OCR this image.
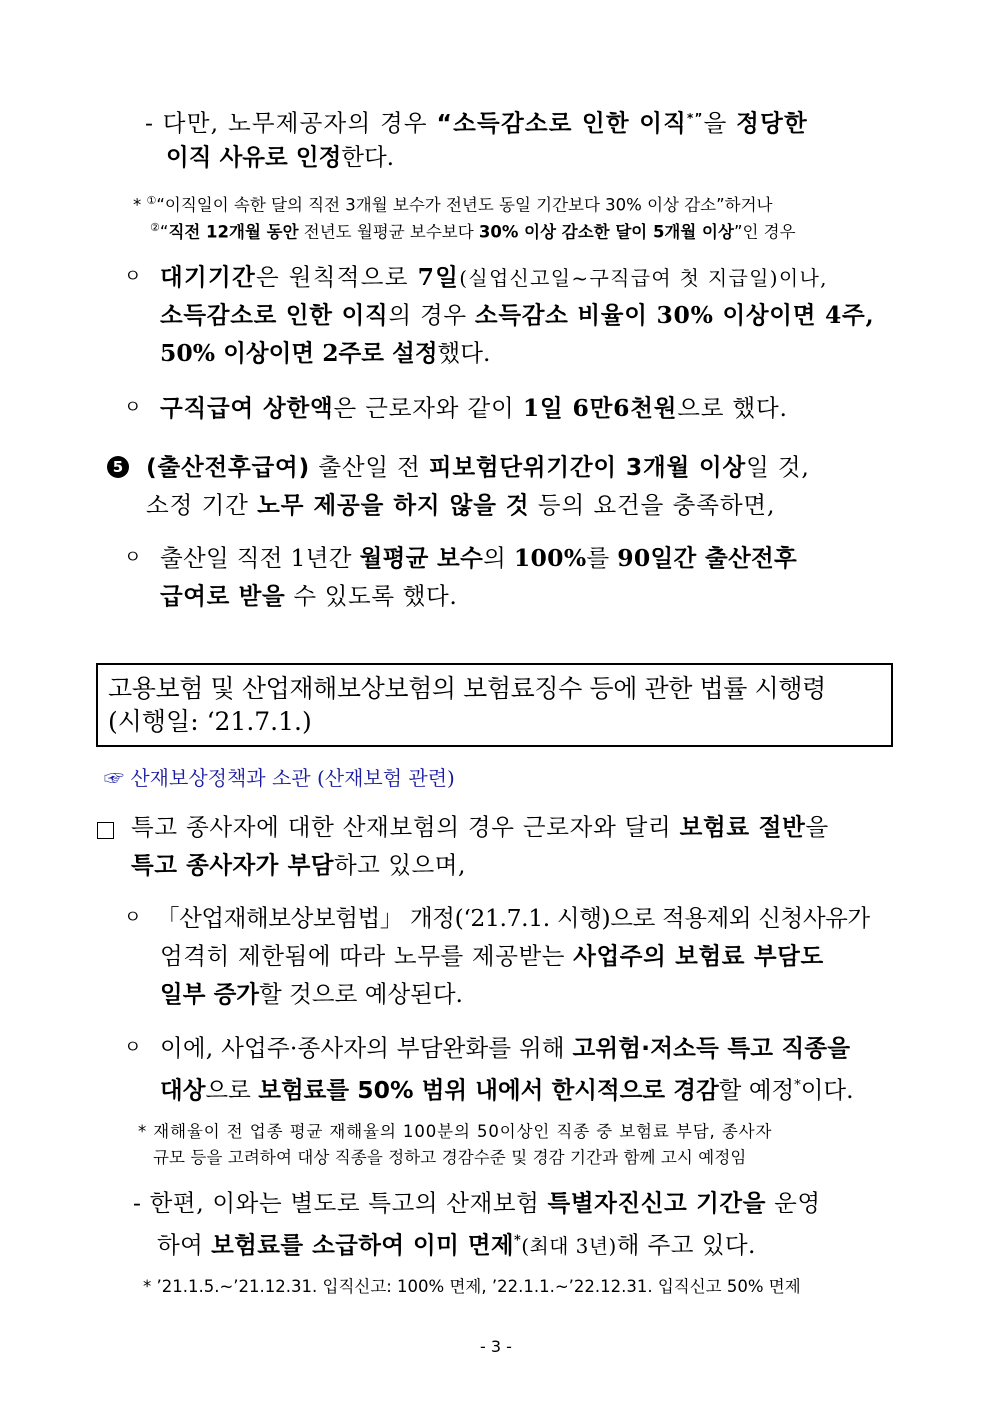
- 다만, 노무제공자의 경우 “소득감소로 인한 이직*”을 정당한
이직 사유로 인정한다.
* ①“이직일이 속한 달의 직전 3개월 보수가 전년도 동일 기간보다 30% 이상 감소”하거나
②“직전 12개월 동안 전년도 월평균 보수보다 30% 이상 감소한 달이 5개월 이상”인 경우
ㅇ 대기기간은 원칙적으로 7일(실업신고일~구직급여 첫 지급일)이나,
소득감소로 인한 이직의 경우 소득감소 비율이 30% 이상이면 4주,
50% 이상이면 2주로 설정했다.
ㅇ 구직급여 상한액은 근로자와 같이 1일 6만6천원으로 했다.
5 (출산전후급여) 출산일 전 피보험단위기간이 3개월 이상일 것,
소정 기간 노무 제공을 하지 않을 것 등의 요건을 충족하면,
ㅇ 출산일 직전 1년간 월평균 보수의 100%를 90일간 출산전후
급여로 받을 수 있도록 했다.
고용보험 및 산업재해보상보험의 보험료징수 등에 관한 법률 시행령
(시행일: ‘21.7.1.)
☞ 산재보상정책과 소관 (산재보험 관련)
특고 종사자에 대한 산재보험의 경우 근로자와 달리 보험료 절반을
특고 종사자가 부담하고 있으며,
ㅇ 「산업재해보상보험법」 개정(‘21.7.1. 시행)으로 적용제외 신청사유가
엄격히 제한됨에 따라 노무를 제공받는 사업주의 보험료 부담도
일부 증가할 것으로 예상된다.
ㅇ 이에, 사업주·종사자의 부담완화를 위해 고위험·저소득 특고 직종을
대상으로 보험료를 50% 범위 내에서 한시적으로 경감할 예정*이다.
* 재해율이 전 업종 평균 재해율의 100분의 50이상인 직종 중 보험료 부담, 종사자
규모 등을 고려하여 대상 직종을 정하고 경감수준 및 경감 기간과 함께 고시 예정임
- 한편, 이와는 별도로 특고의 산재보험 특별자진신고 기간을 운영
하여 보험료를 소급하여 이미 면제*(최대 3년)해 주고 있다.
* ’21.1.5.~’21.12.31. 입직신고: 100% 면제, ’22.1.1.~’22.12.31. 입직신고 50% 면제
- 3 -
